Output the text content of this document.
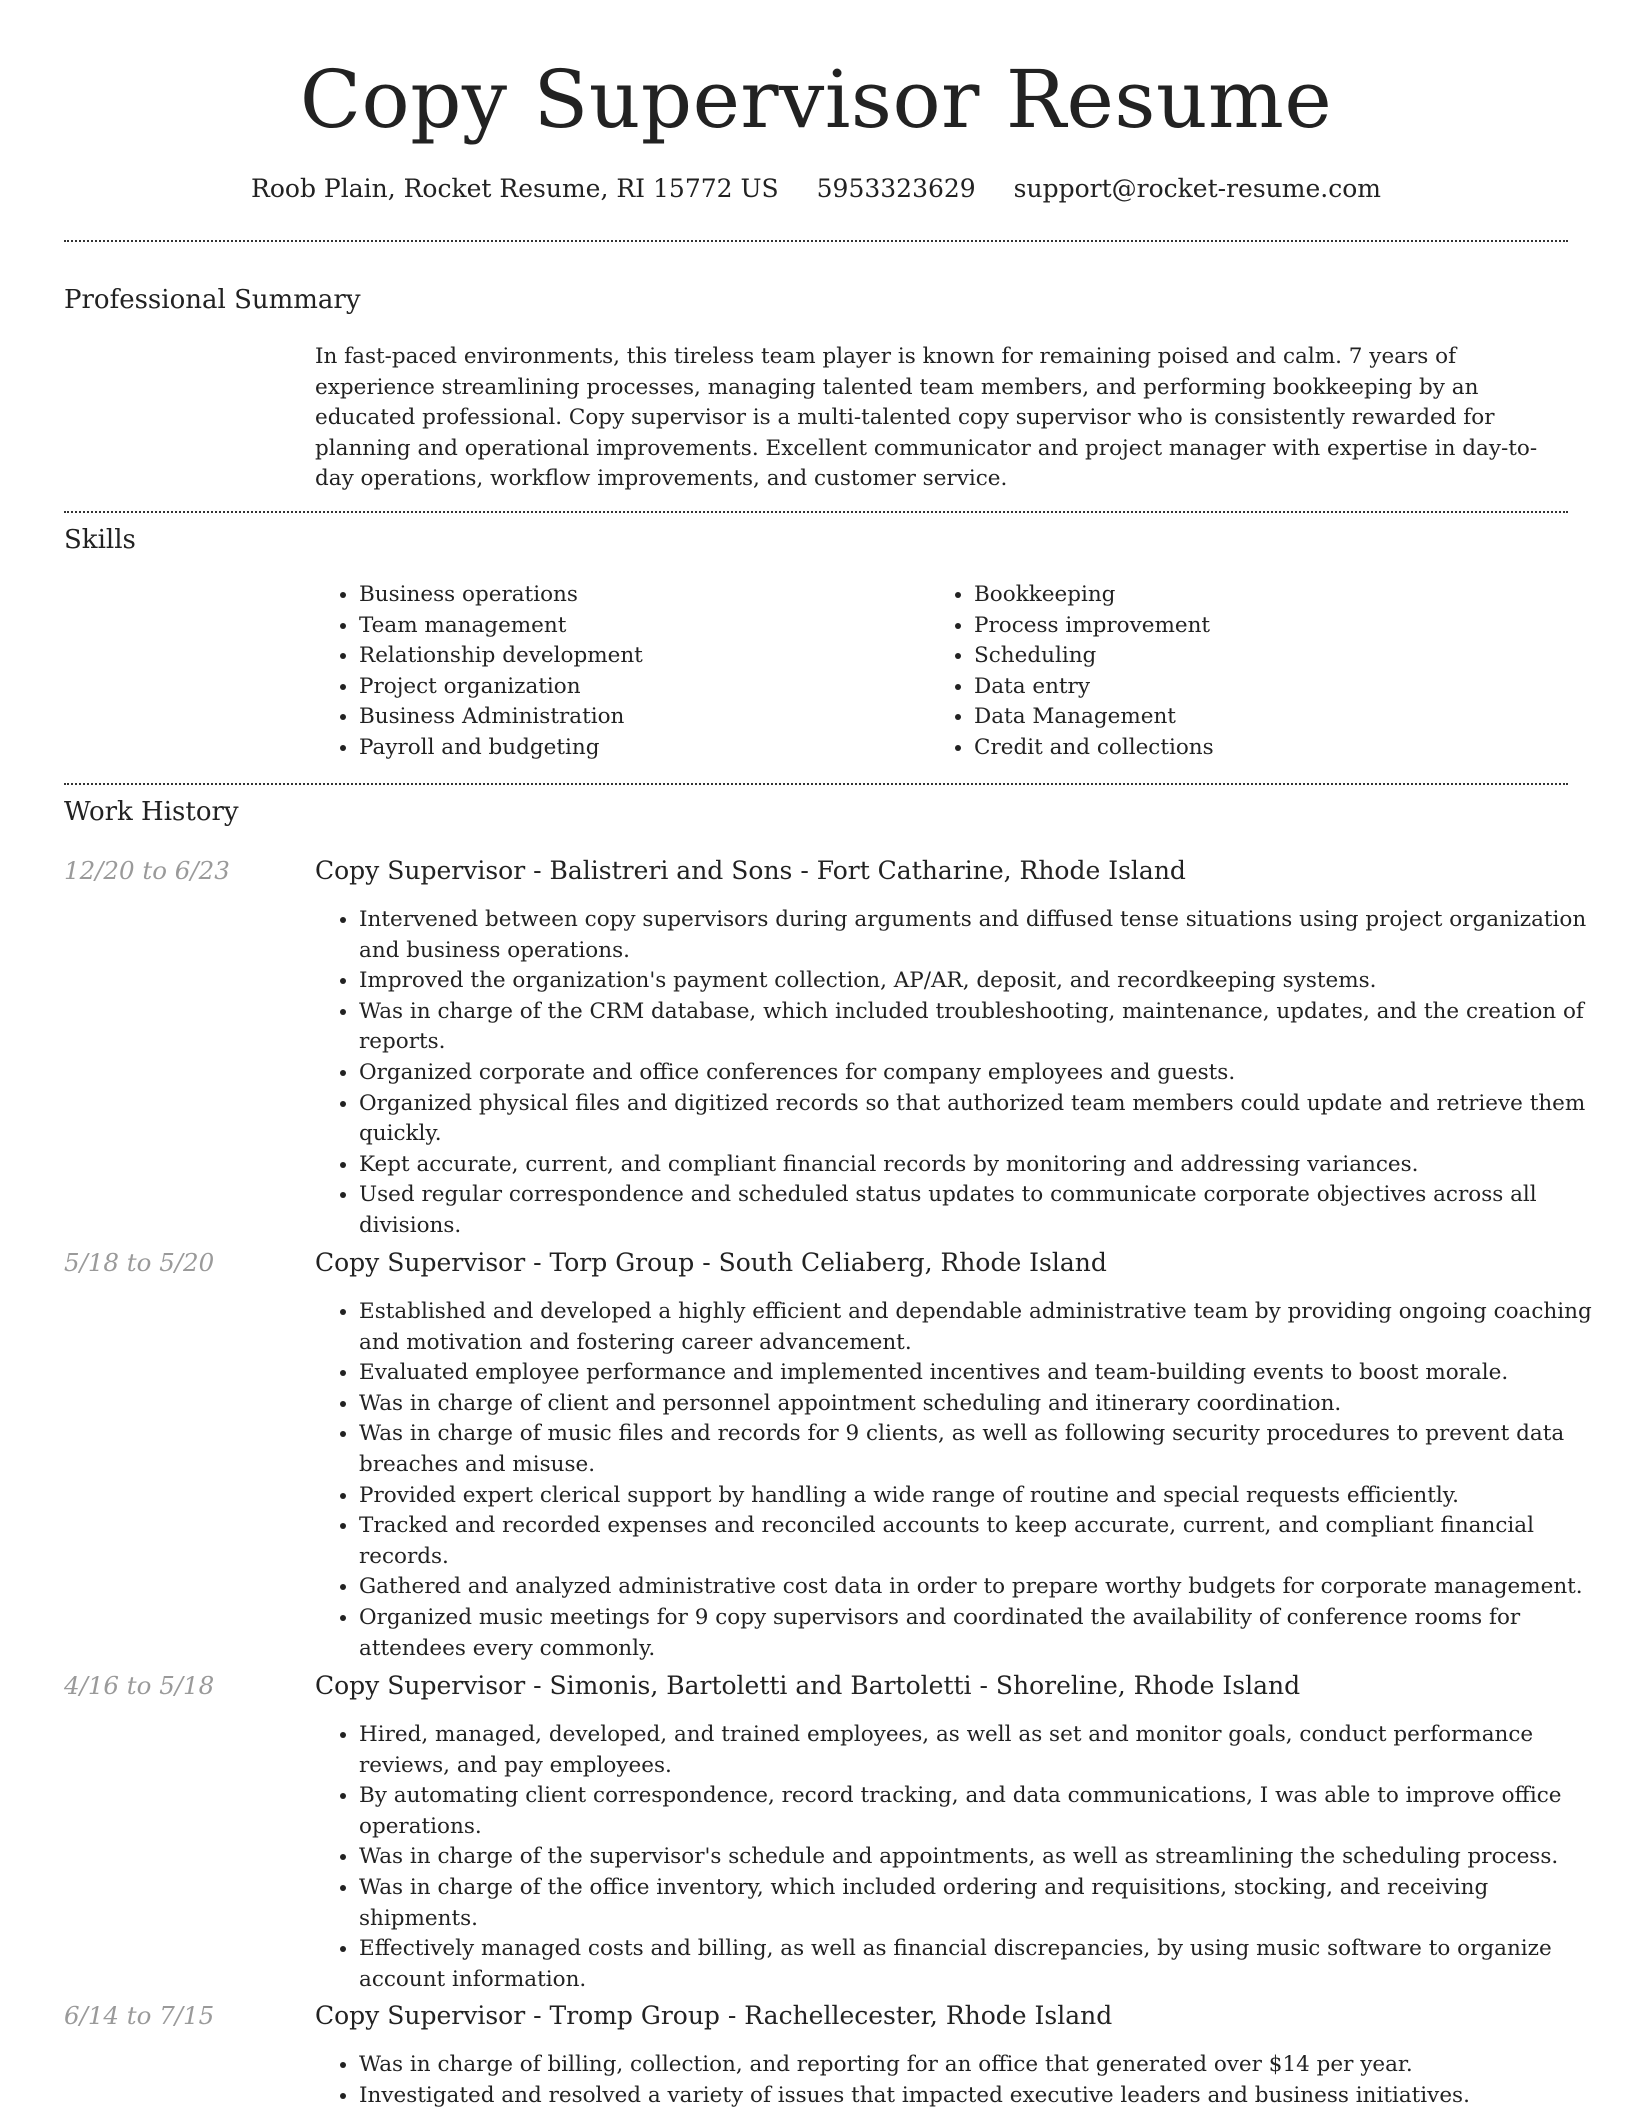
Copy Supervisor Resume
Roob Plain, Rocket Resume, RI 15772 US 5953323629 support@rocket-resume.com
Professional Summary
In fast-paced environments, this tireless team player is known for remaining poised and calm. 7 years of experience streamlining processes, managing talented team members, and performing bookkeeping by an educated professional. Copy supervisor is a multi-talented copy supervisor who is consistently rewarded for planning and operational improvements. Excellent communicator and project manager with expertise in day-to-day operations, workflow improvements, and customer service.
Skills
• Business operations
• Team management
• Relationship development
• Project organization
• Business Administration
• Payroll and budgeting
• Bookkeeping
• Process improvement
• Scheduling
• Data entry
• Data Management
• Credit and collections
Work History
12/20 to 6/23	Copy Supervisor - Balistreri and Sons - Fort Catharine, Rhode Island
• Intervened between copy supervisors during arguments and diffused tense situations using project organization and business operations.
• Improved the organization's payment collection, AP/AR, deposit, and recordkeeping systems.
• Was in charge of the CRM database, which included troubleshooting, maintenance, updates, and the creation of reports.
• Organized corporate and office conferences for company employees and guests.
• Organized physical files and digitized records so that authorized team members could update and retrieve them quickly.
• Kept accurate, current, and compliant financial records by monitoring and addressing variances.
• Used regular correspondence and scheduled status updates to communicate corporate objectives across all divisions.
5/18 to 5/20	Copy Supervisor - Torp Group - South Celiaberg, Rhode Island
• Established and developed a highly efficient and dependable administrative team by providing ongoing coaching and motivation and fostering career advancement.
• Evaluated employee performance and implemented incentives and team-building events to boost morale.
• Was in charge of client and personnel appointment scheduling and itinerary coordination.
• Was in charge of music files and records for 9 clients, as well as following security procedures to prevent data breaches and misuse.
• Provided expert clerical support by handling a wide range of routine and special requests efficiently.
• Tracked and recorded expenses and reconciled accounts to keep accurate, current, and compliant financial records.
• Gathered and analyzed administrative cost data in order to prepare worthy budgets for corporate management.
• Organized music meetings for 9 copy supervisors and coordinated the availability of conference rooms for attendees every commonly.
4/16 to 5/18	Copy Supervisor - Simonis, Bartoletti and Bartoletti - Shoreline, Rhode Island
• Hired, managed, developed, and trained employees, as well as set and monitor goals, conduct performance reviews, and pay employees.
• By automating client correspondence, record tracking, and data communications, I was able to improve office operations.
• Was in charge of the supervisor's schedule and appointments, as well as streamlining the scheduling process.
• Was in charge of the office inventory, which included ordering and requisitions, stocking, and receiving shipments.
• Effectively managed costs and billing, as well as financial discrepancies, by using music software to organize account information.
6/14 to 7/15	Copy Supervisor - Tromp Group - Rachellecester, Rhode Island
• Was in charge of billing, collection, and reporting for an office that generated over $14 per year.
• Investigated and resolved a variety of issues that impacted executive leaders and business initiatives.
